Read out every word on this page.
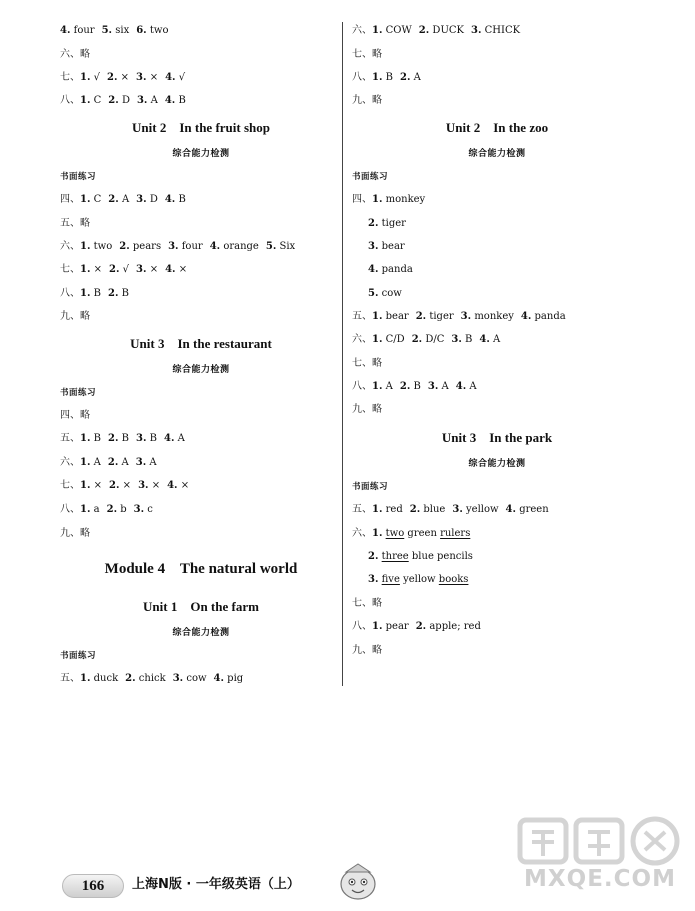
4. four 5. six 6. two
六、略
七、1. √ 2. × 3. × 4. √
八、1. C 2. D 3. A 4. B
Unit 2    In the fruit shop
综合能力检测
书面练习
四、1. C 2. A 3. D 4. B
五、略
六、1. two 2. pears 3. four 4. orange 5. Six
七、1. × 2. √ 3. × 4. ×
八、1. B 2. B
九、略
Unit 3    In the restaurant
综合能力检测
书面练习
四、略
五、1. B 2. B 3. B 4. A
六、1. A 2. A 3. A
七、1. × 2. × 3. × 4. ×
八、1. a 2. b 3. c
九、略
Module 4    The natural world
Unit 1    On the farm
综合能力检测
书面练习
五、1. duck 2. chick 3. cow 4. pig
六、1. COW 2. DUCK 3. CHICK
七、略
八、1. B 2. A
九、略
Unit 2    In the zoo
综合能力检测
书面练习
四、1. monkey
2. tiger
3. bear
4. panda
5. cow
五、1. bear 2. tiger 3. monkey 4. panda
六、1. C/D 2. D/C 3. B 4. A
七、略
八、1. A 2. B 3. A 4. A
九、略
Unit 3    In the park
综合能力检测
书面练习
五、1. red 2. blue 3. yellow 4. green
六、1. two green rulers
2. three blue pencils
3. five yellow books
七、略
八、1. pear 2. apple; red
九、略
166	上海N版 · 一年级英语（上）	MXQE.COM
